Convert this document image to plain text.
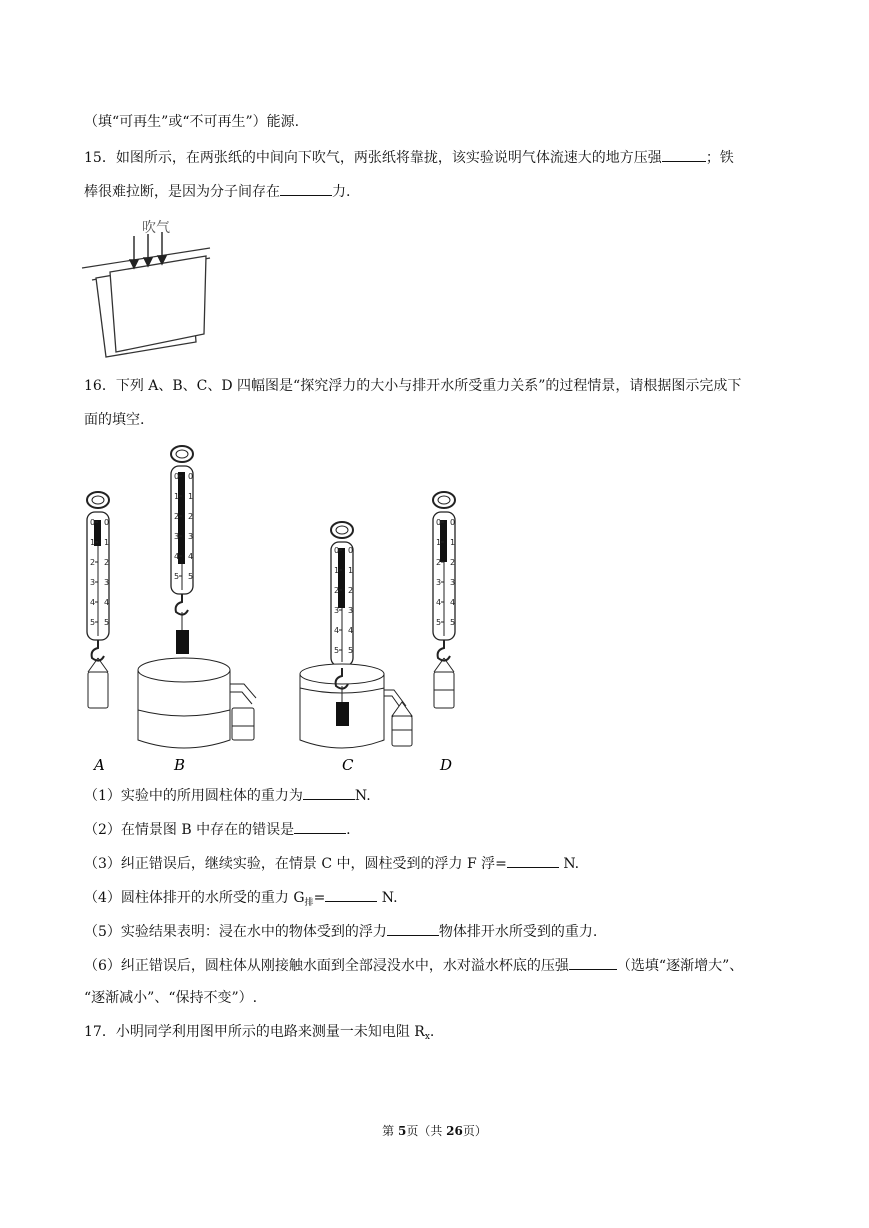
（填“可再生”或“不可再生”）能源.
15．如图所示，在两张纸的中间向下吹气，两张纸将靠拢，该实验说明气体流速大的地方压强	；铁
棒很难拉断，是因为分子间存在	力.
吹气
16．下列 A、B、C、D 四幅图是“探究浮力的大小与排开水所受重力关系”的过程情景，请根据图示完成下
面的填空.
0 0
1 1
2 2
3 3
4 4
5 5
0 0
1 1
2 2
3 3
4 4
5 5
0 0
1 1
2 2
3 3
4 4
5 5
0 0
1 1
2 2
3 3
4 4
5 5
A	B	C	D
（1）实验中的所用圆柱体的重力为	N.
（2）在情景图 B 中存在的错误是	.
（3）纠正错误后，继续实验，在情景 C 中，圆柱受到的浮力 F 浮=	N.
（4）圆柱体排开的水所受的重力 $G_排=$	N.
（5）实验结果表明：浸在水中的物体受到的浮力	物体排开水所受到的重力.
（6）纠正错误后，圆柱体从刚接触水面到全部浸没水中，水对溢水杯底的压强	（选填“逐渐增大”、
“逐渐减小”、“保持不变”）.
17．小明同学利用图甲所示的电路来测量一未知电阻 $R_x$.
第 5页（共 26页）
